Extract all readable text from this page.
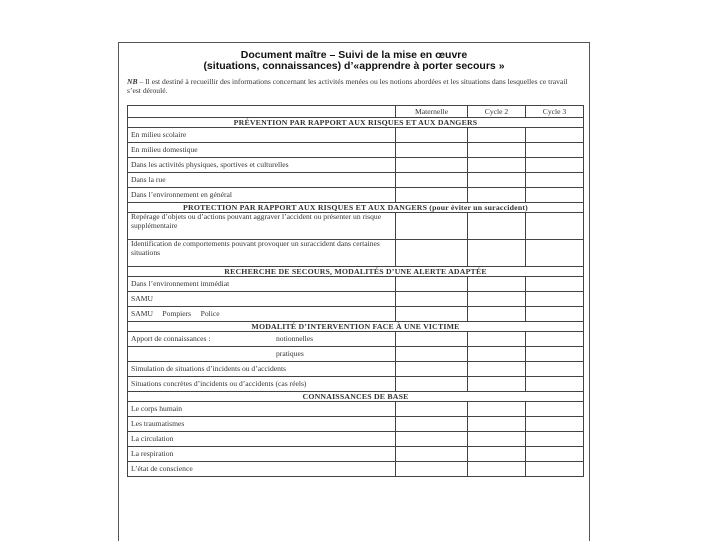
Document maître – Suivi de la mise en œuvre
(situations, connaissances) d’«apprendre à porter secours »
NB – Il est destiné à recueillir des informations concernant les activités menées ou les notions abordées et les situations dans lesquelles ce travail s’est déroulé.
	Maternelle	Cycle 2	Cycle 3
PRÉVENTION PAR RAPPORT AUX RISQUES ET AUX DANGERS			
En milieu scolaire			
En milieu domestique			
Dans les activités physiques, sportives et culturelles			
Dans la rue			
Dans l’environnement en général			
PROTECTION PAR RAPPORT AUX RISQUES ET AUX DANGERS (pour éviter un suraccident)			
Repérage d’objets ou d’actions pouvant aggraver l’accident ou présenter un risque supplémentaire			
Identification de comportements pouvant provoquer un suraccident dans certaines situations			
RECHERCHE DE SECOURS, MODALITÉS D’UNE ALERTE ADAPTÉE			
Dans l’environnement immédiat			
SAMU			
SAMU     Pompiers     Police			
MODALITÉ D’INTERVENTION FACE À UNE VICTIME			

Apport de connaissances : notionnelles			

pratiques			

Simulation de situations d’incidents ou d’accidents			
Situations concrètes d’incidents ou d’accidents (cas réels)			
CONNAISSANCES DE BASE			
Le corps humain			
Les traumatismes			
La circulation			
La respiration			
L’état de conscience			
